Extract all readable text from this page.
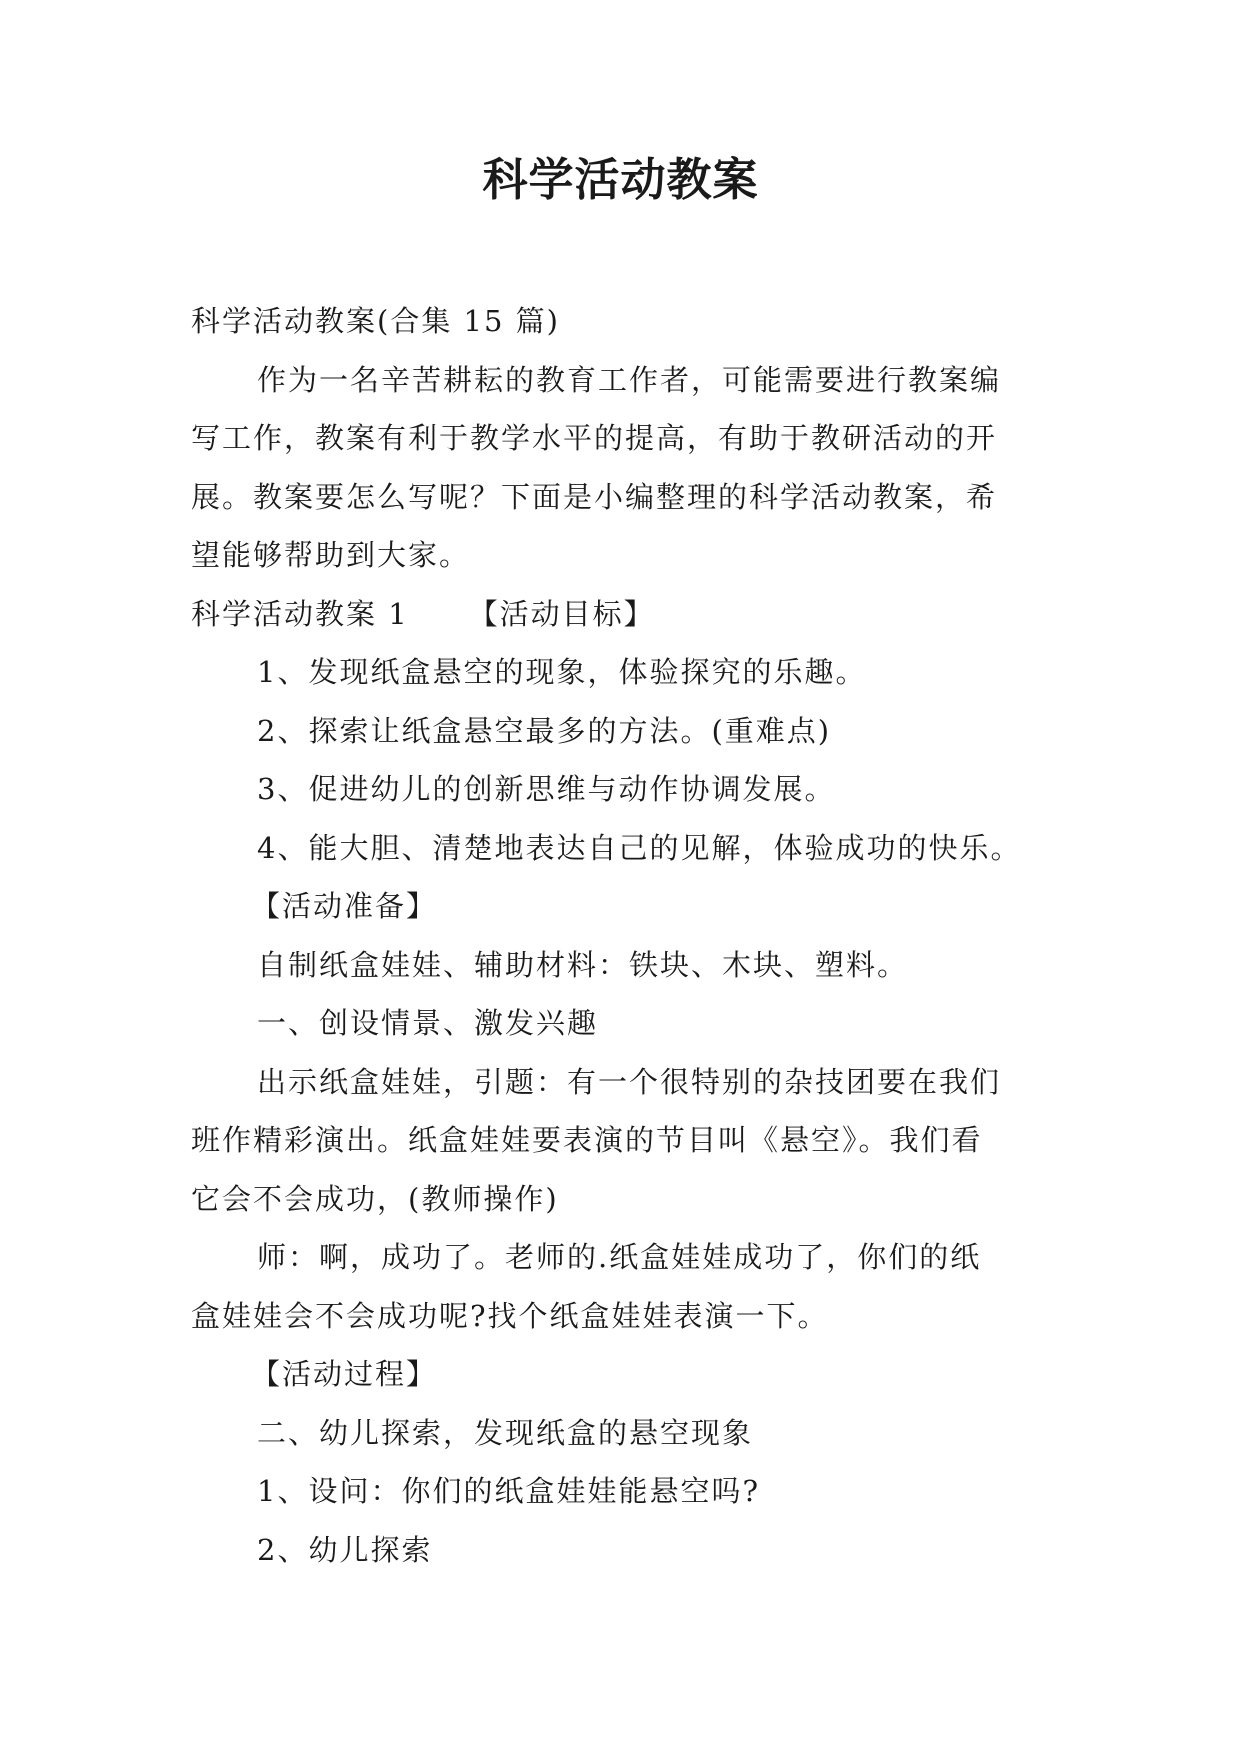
科学活动教案

科学活动教案(合集 15 篇)

作为一名辛苦耕耘的教育工作者，可能需要进行教案编

写工作，教案有利于教学水平的提高，有助于教研活动的开

展。教案要怎么写呢？下面是小编整理的科学活动教案，希

望能够帮助到大家。

科学活动教案 1 【活动目标】

1、发现纸盒悬空的现象，体验探究的乐趣。

2、探索让纸盒悬空最多的方法。(重难点)

3、促进幼儿的创新思维与动作协调发展。

4、能大胆、清楚地表达自己的见解，体验成功的快乐。

【活动准备】

自制纸盒娃娃、辅助材料：铁块、木块、塑料。

一、创设情景、激发兴趣

出示纸盒娃娃，引题：有一个很特别的杂技团要在我们

班作精彩演出。纸盒娃娃要表演的节目叫《悬空》。我们看

它会不会成功，(教师操作)

师：啊，成功了。老师的.纸盒娃娃成功了，你们的纸

盒娃娃会不会成功呢?找个纸盒娃娃表演一下。

【活动过程】

二、幼儿探索，发现纸盒的悬空现象

1、设问：你们的纸盒娃娃能悬空吗?

2、幼儿探索
